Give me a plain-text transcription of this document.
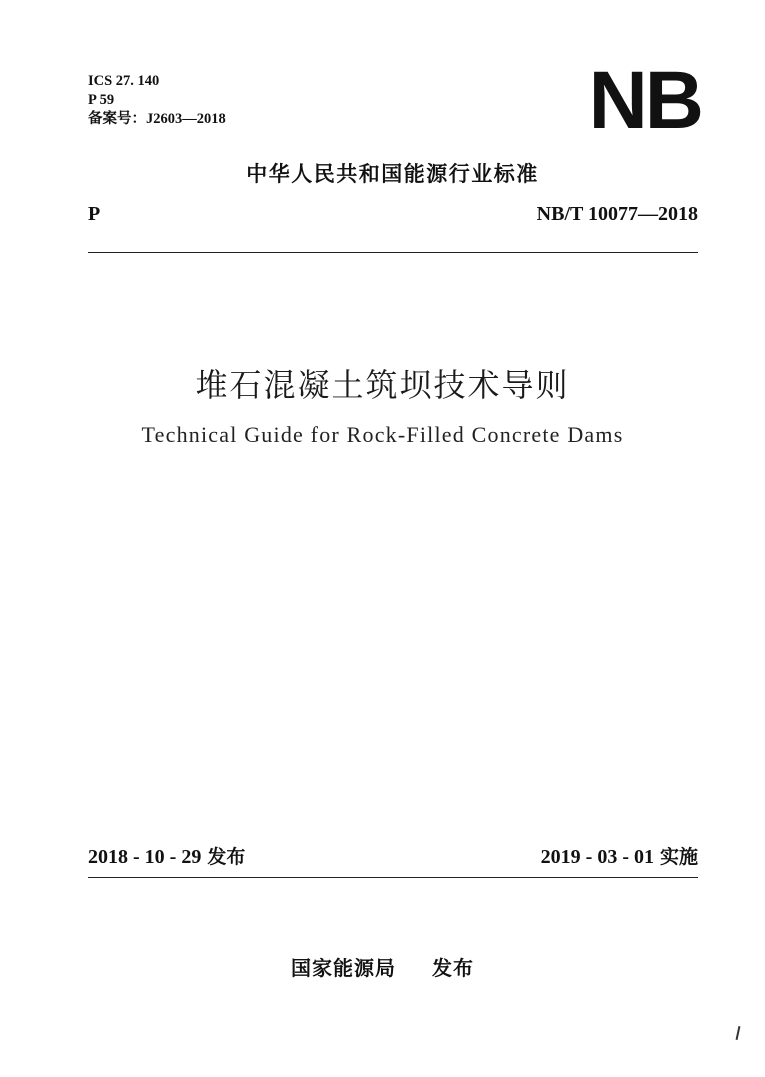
ICS 27. 140
P 59
备案号：J2603—2018	NB
中华人民共和国能源行业标准
P	NB/T 10077—2018
堆石混凝土筑坝技术导则
Technical Guide for Rock-Filled Concrete Dams
2018 - 10 - 29 发布	2019 - 03 - 01 实施
国家能源局 发布
